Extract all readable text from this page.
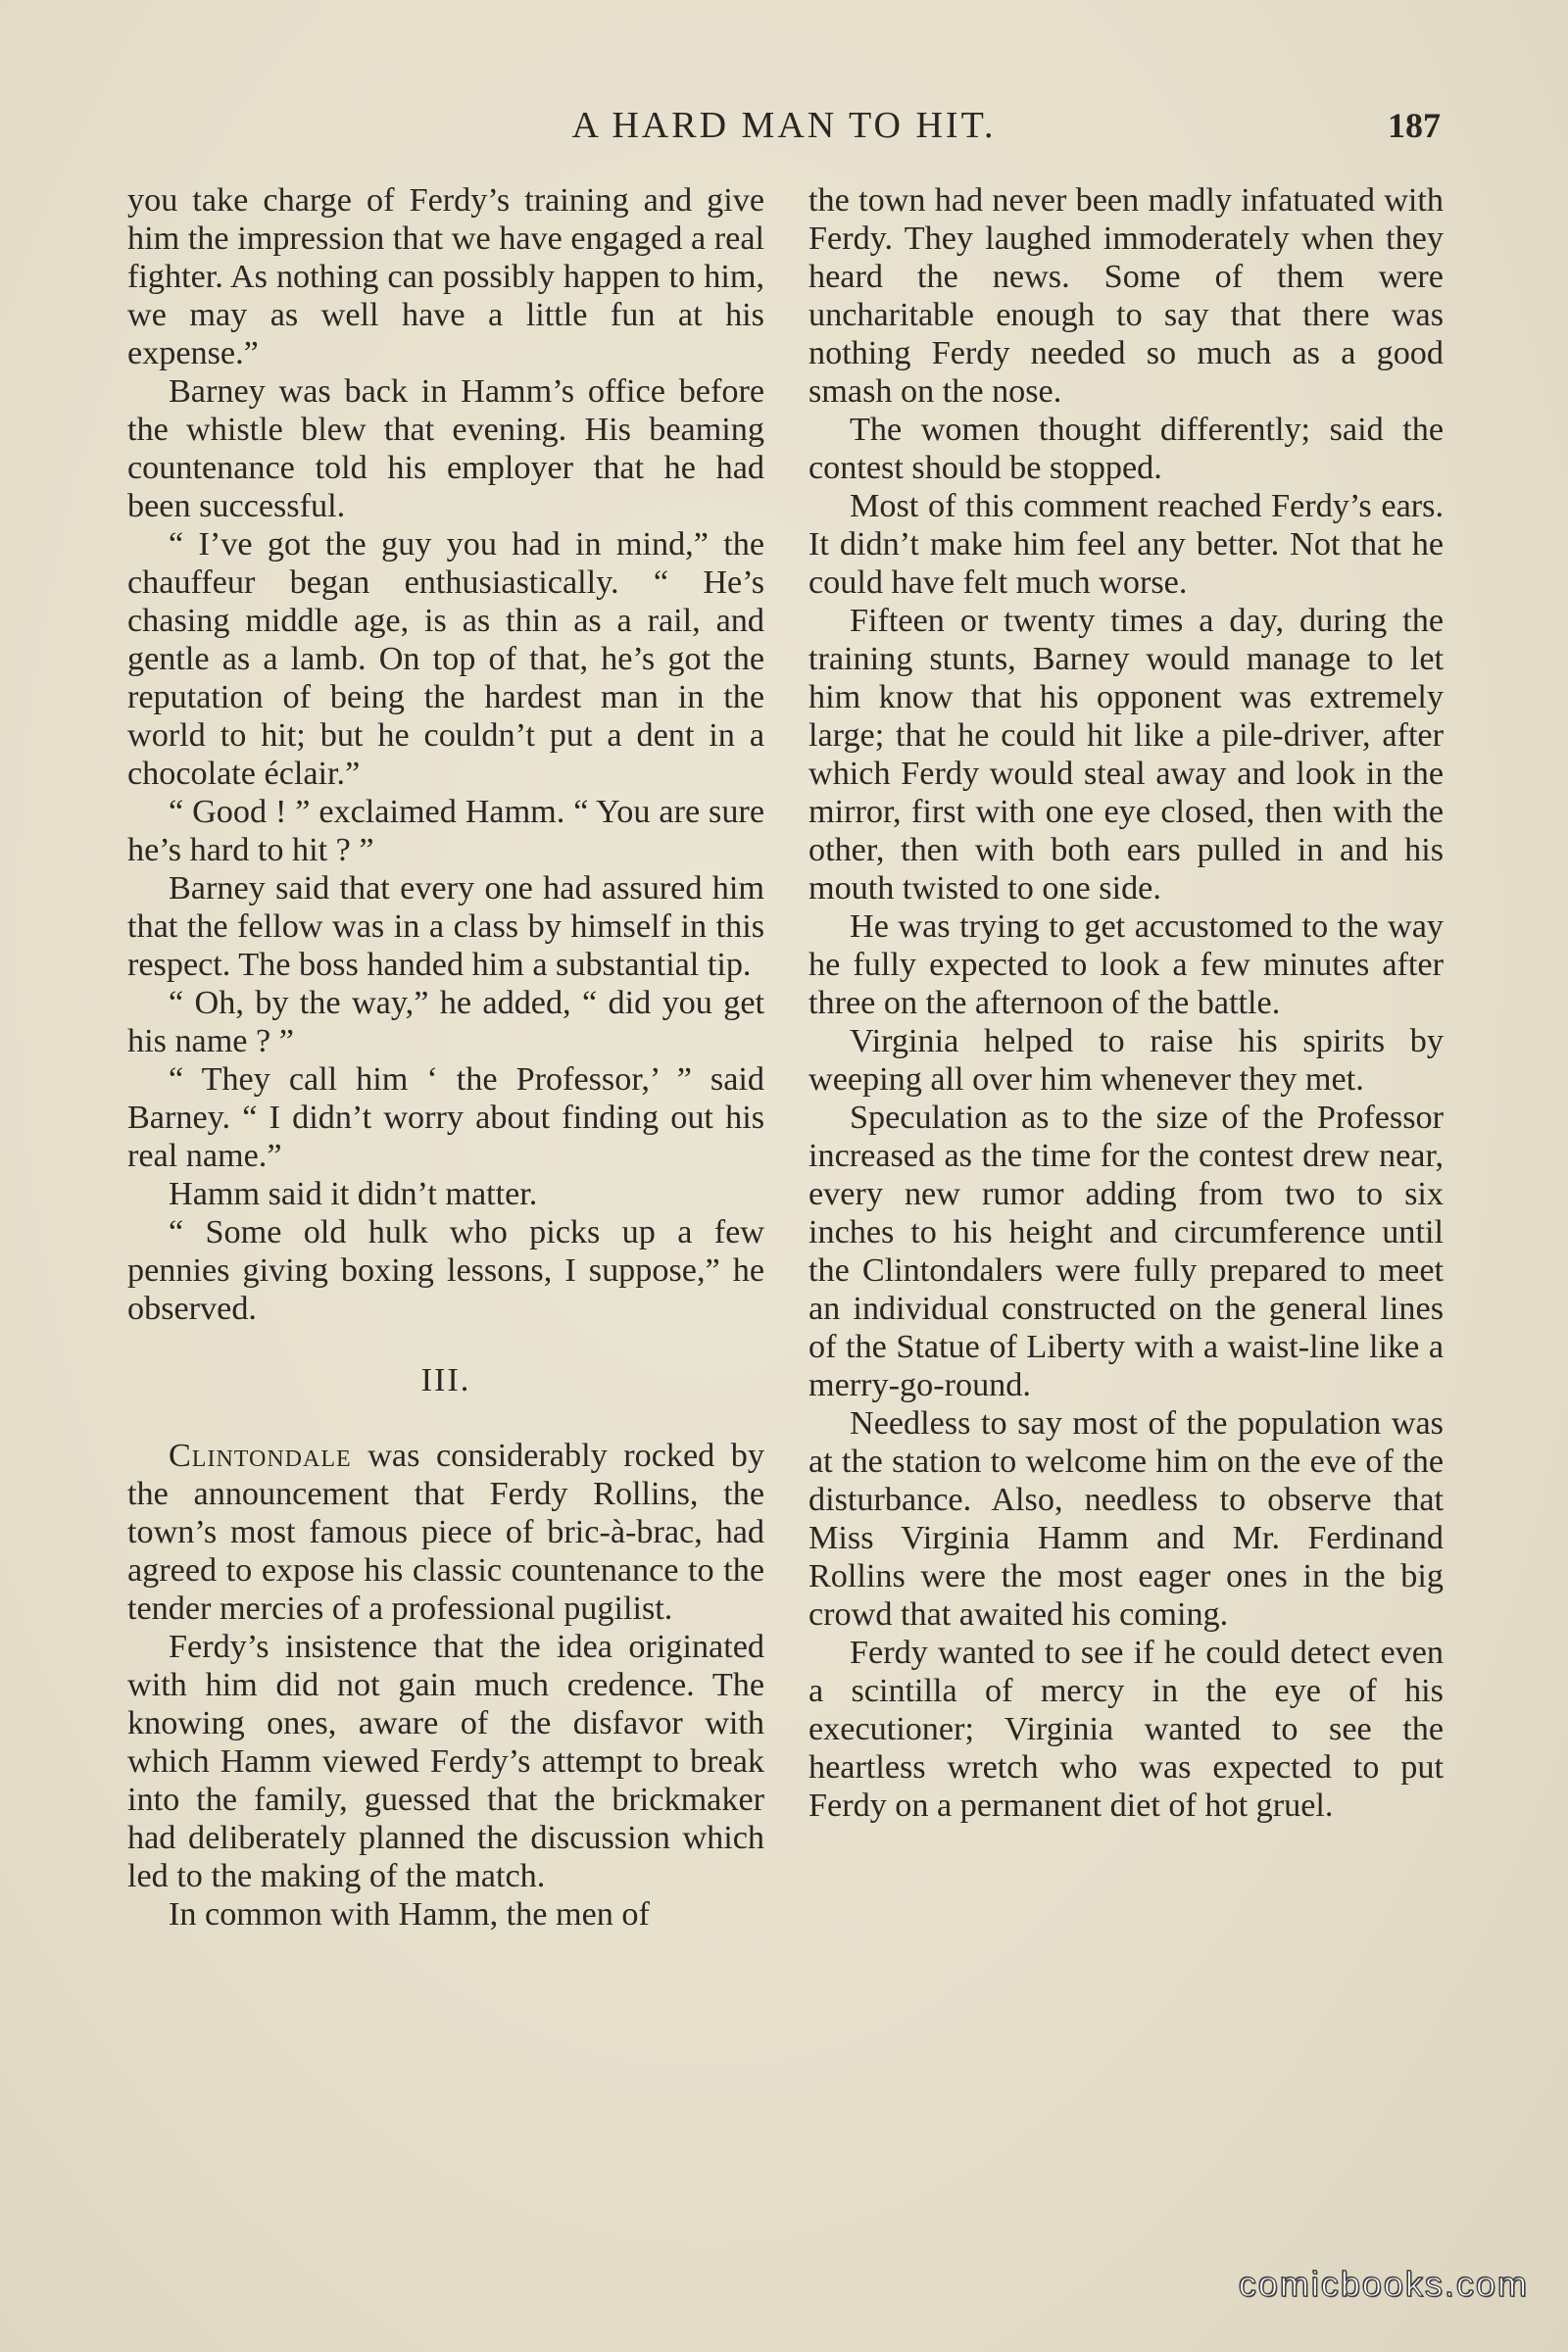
A HARD MAN TO HIT.	187

you take charge of Ferdy’s training and give him the impression that we have engaged a real fighter. As nothing can possibly happen to him, we may as well have a little fun at his expense.”

Barney was back in Hamm’s office before the whistle blew that evening. His beaming countenance told his employer that he had been successful.

“ I’ve got the guy you had in mind,” the chauffeur began enthusiastically. “ He’s chasing middle age, is as thin as a rail, and gentle as a lamb. On top of that, he’s got the reputation of being the hardest man in the world to hit; but he couldn’t put a dent in a chocolate éclair.”

“ Good ! ” exclaimed Hamm. “ You are sure he’s hard to hit ? ”

Barney said that every one had assured him that the fellow was in a class by himself in this respect. The boss handed him a substantial tip.

“ Oh, by the way,” he added, “ did you get his name ? ”

“ They call him ‘ the Professor,’ ” said Barney. “ I didn’t worry about finding out his real name.”

Hamm said it didn’t matter.

“ Some old hulk who picks up a few pennies giving boxing lessons, I suppose,” he observed.

III.

Clintondale was considerably rocked by the announcement that Ferdy Rollins, the town’s most famous piece of bric-à-brac, had agreed to expose his classic countenance to the tender mercies of a professional pugilist.

Ferdy’s insistence that the idea originated with him did not gain much credence. The knowing ones, aware of the disfavor with which Hamm viewed Ferdy’s attempt to break into the family, guessed that the brickmaker had deliberately planned the discussion which led to the making of the match.

In common with Hamm, the men of

the town had never been madly infatuated with Ferdy. They laughed immoderately when they heard the news. Some of them were uncharitable enough to say that there was nothing Ferdy needed so much as a good smash on the nose.

The women thought differently; said the contest should be stopped.

Most of this comment reached Ferdy’s ears. It didn’t make him feel any better. Not that he could have felt much worse.

Fifteen or twenty times a day, during the training stunts, Barney would manage to let him know that his opponent was extremely large; that he could hit like a pile-driver, after which Ferdy would steal away and look in the mirror, first with one eye closed, then with the other, then with both ears pulled in and his mouth twisted to one side.

He was trying to get accustomed to the way he fully expected to look a few minutes after three on the afternoon of the battle.

Virginia helped to raise his spirits by weeping all over him whenever they met.

Speculation as to the size of the Professor increased as the time for the contest drew near, every new rumor adding from two to six inches to his height and circumference until the Clintondalers were fully prepared to meet an individual constructed on the general lines of the Statue of Liberty with a waist-line like a merry-go-round.

Needless to say most of the population was at the station to welcome him on the eve of the disturbance. Also, needless to observe that Miss Virginia Hamm and Mr. Ferdinand Rollins were the most eager ones in the big crowd that awaited his coming.

Ferdy wanted to see if he could detect even a scintilla of mercy in the eye of his executioner; Virginia wanted to see the heartless wretch who was expected to put Ferdy on a permanent diet of hot gruel.

comicbooks.com
